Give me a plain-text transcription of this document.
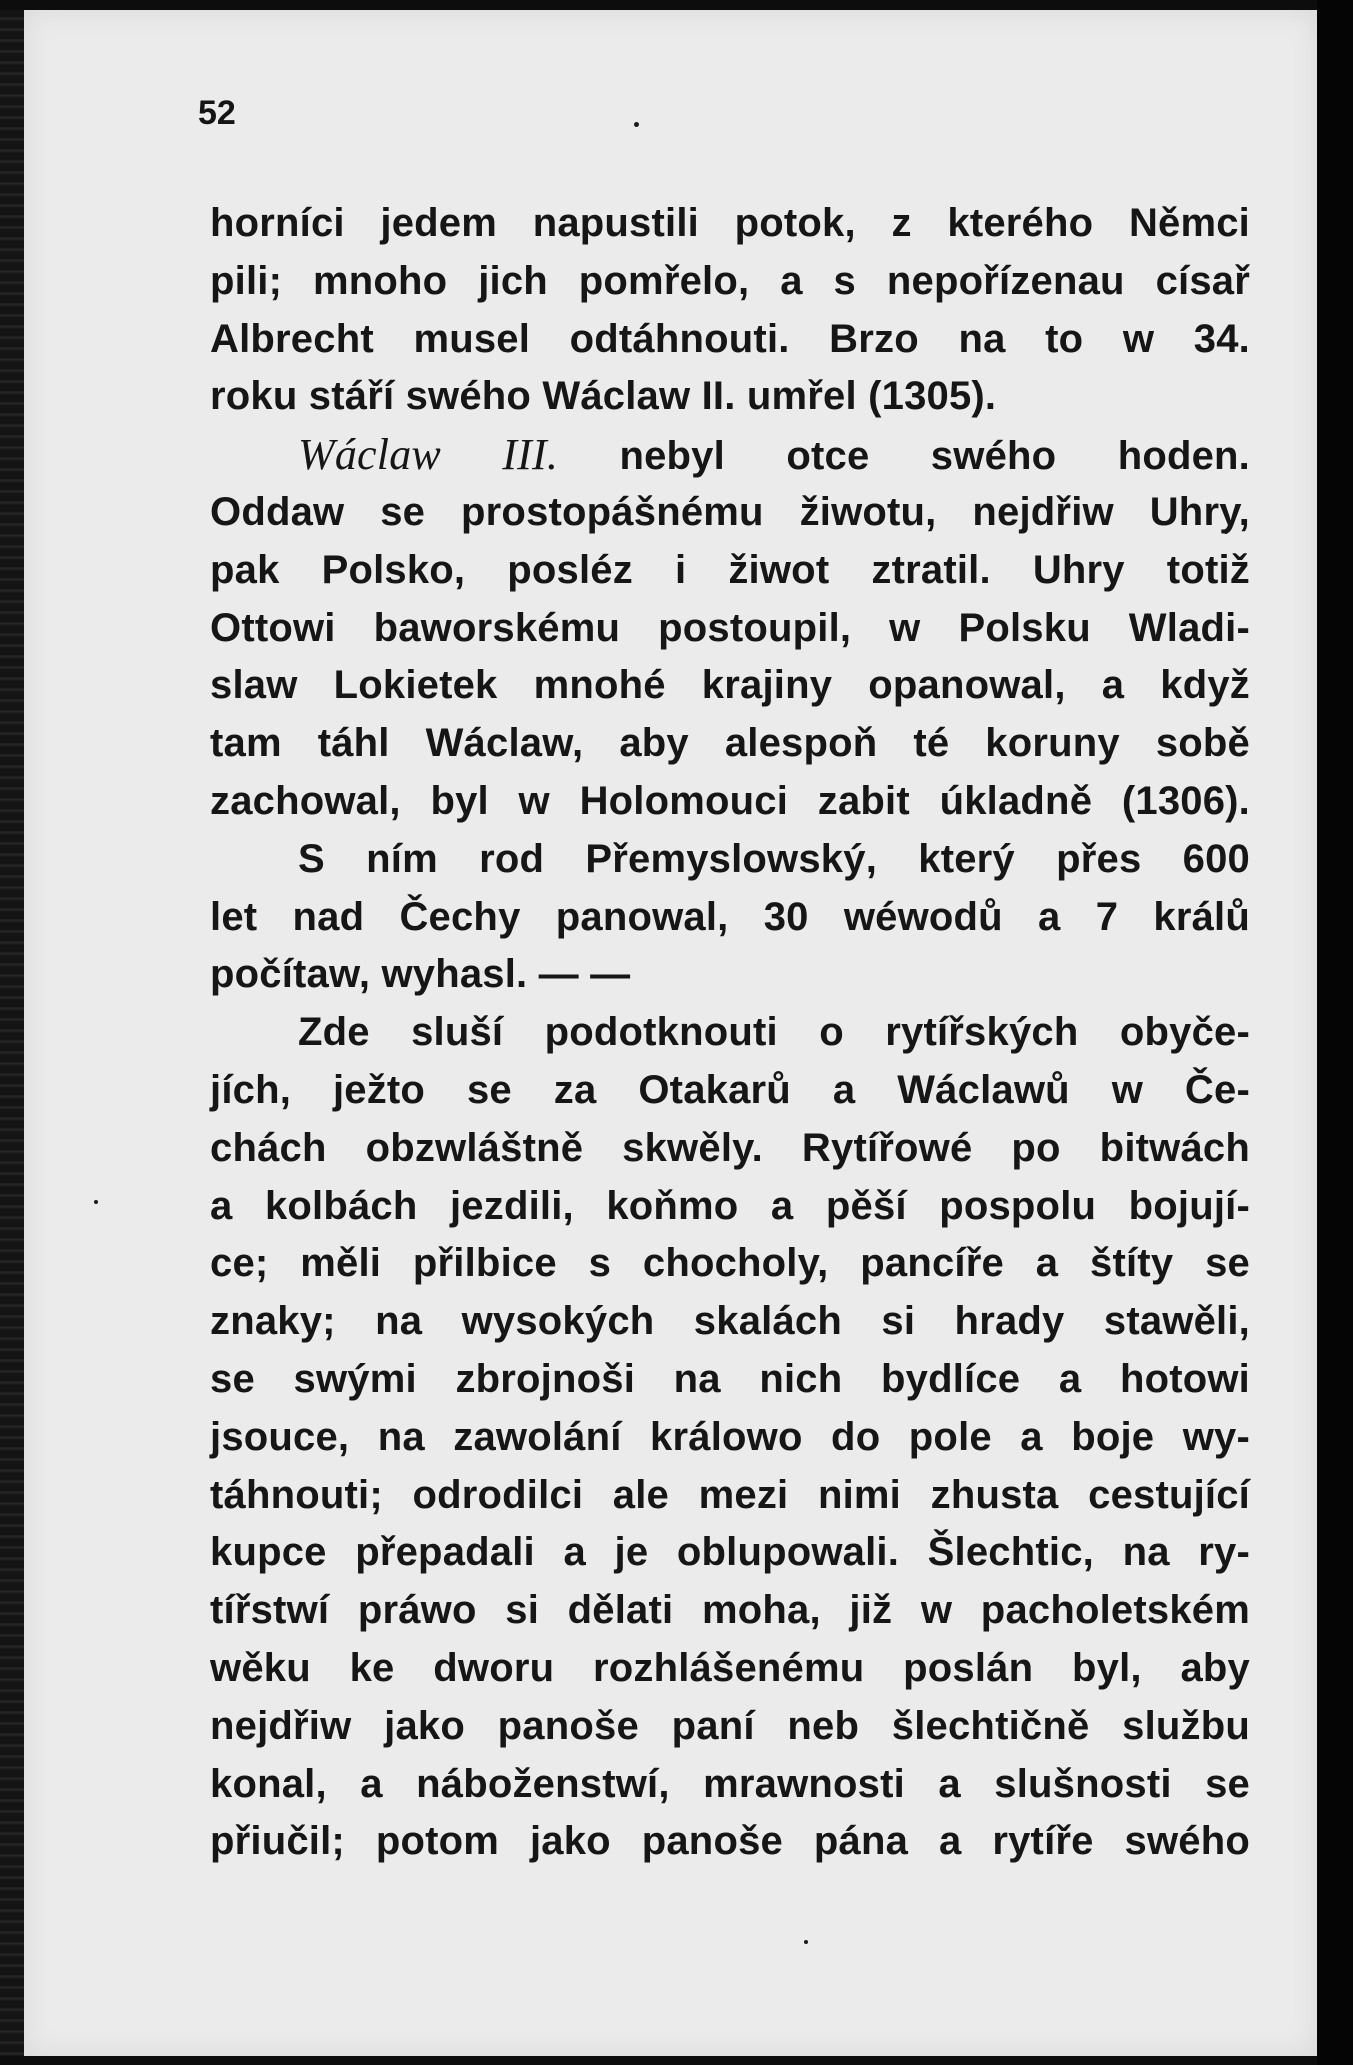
52
horníci jedem napustili potok, z kterého Němci
pili; mnoho jich pomřelo, a s nepořízenau císař
Albrecht musel odtáhnouti. Brzo na to w 34.
roku stáří swého Wáclaw II. umřel (1305).
Wáclaw III. nebyl otce swého hoden.
Oddaw se prostopášnému žiwotu, nejdřiw Uhry,
pak Polsko, posléz i žiwot ztratil. Uhry totiž
Ottowi baworskému postoupil, w Polsku Wladi-
slaw Lokietek mnohé krajiny opanowal, a když
tam táhl Wáclaw, aby alespoň té koruny sobě
zachowal, byl w Holomouci zabit úkladně (1306).
S ním rod Přemyslowský, který přes 600
let nad Čechy panowal, 30 wéwodů a 7 králů
počítaw, wyhasl. — —
Zde sluší podotknouti o rytířských obyče-
jích, ježto se za Otakarů a Wáclawů w Če-
chách obzwláštně skwěly. Rytířowé po bitwách
a kolbách jezdili, koňmo a pěší pospolu bojují-
ce; měli přilbice s chocholy, pancíře a štíty se
znaky; na wysokých skalách si hrady stawěli,
se swými zbrojnoši na nich bydlíce a hotowi
jsouce, na zawolání králowo do pole a boje wy-
táhnouti; odrodilci ale mezi nimi zhusta cestující
kupce přepadali a je oblupowali. Šlechtic, na ry-
tířstwí práwo si dělati moha, již w pacholetském
wěku ke dworu rozhlášenému poslán byl, aby
nejdřiw jako panoše paní neb šlechtičně službu
konal, a náboženstwí, mrawnosti a slušnosti se
přiučil; potom jako panoše pána a rytíře swého
